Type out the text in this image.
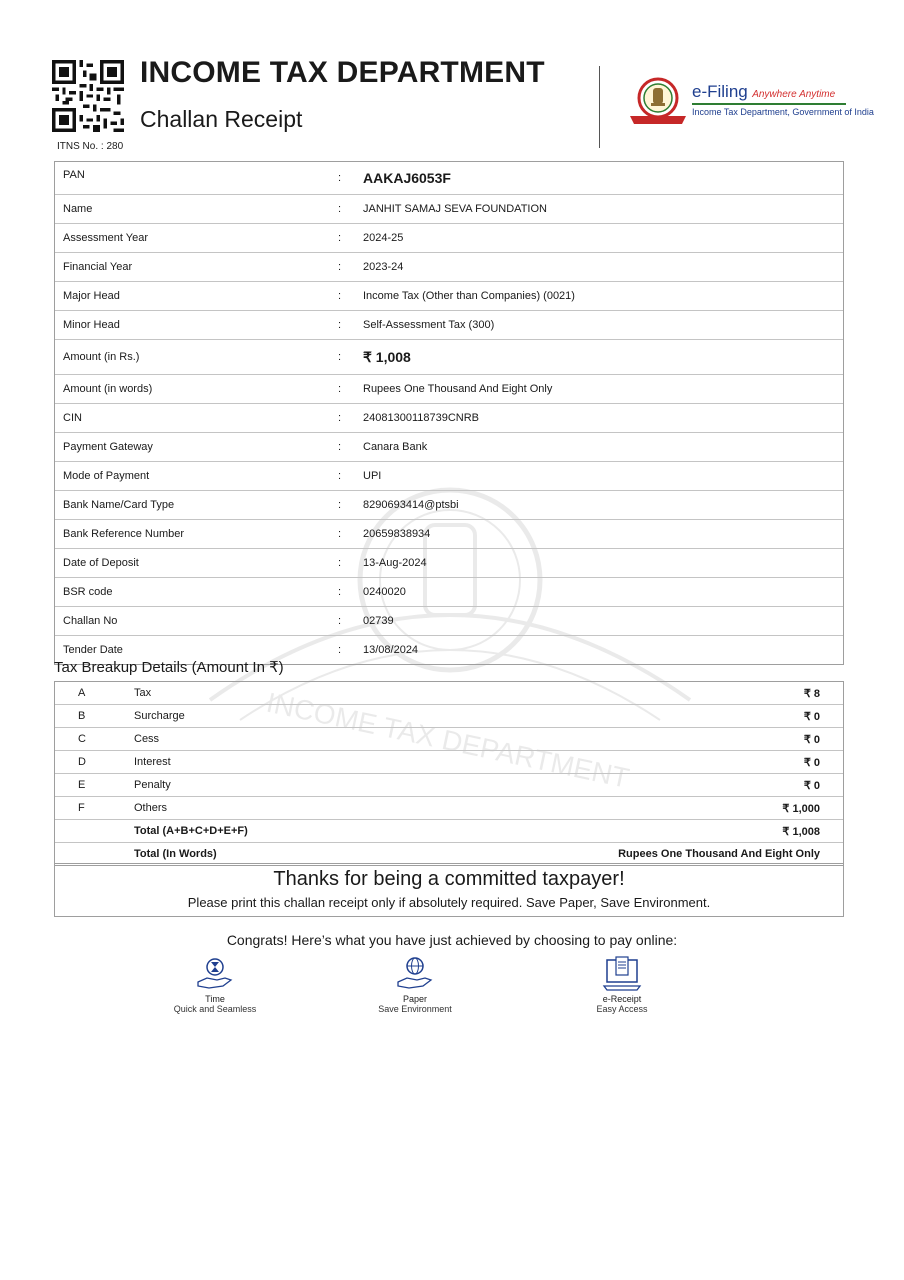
INCOME TAX DEPARTMENT
Challan Receipt
ITNS No. : 280
e-Filing Anywhere Anytime
Income Tax Department, Government of India
INCOME TAX DEPARTMENT
PAN	: AAKAJ6053F
Name	: JANHIT SAMAJ SEVA FOUNDATION
Assessment Year	: 2024-25
Financial Year	: 2023-24
Major Head	: Income Tax (Other than Companies) (0021)
Minor Head	: Self-Assessment Tax (300)
Amount (in Rs.)	: ₹ 1,008
Amount (in words)	: Rupees One Thousand And Eight Only
CIN	: 24081300118739CNRB
Payment Gateway	: Canara Bank
Mode of Payment	: UPI
Bank Name/Card Type	: 8290693414@ptsbi
Bank Reference Number	: 20659838934
Date of Deposit	: 13-Aug-2024
BSR code	: 0240020
Challan No	: 02739
Tender Date	: 13/08/2024
Tax Breakup Details (Amount In ₹)
A	Tax	₹ 8
B	Surcharge	₹ 0
C	Cess	₹ 0
D	Interest	₹ 0
E	Penalty	₹ 0
F	Others	₹ 1,000
Total (A+B+C+D+E+F)	₹ 1,008
Total (In Words)	Rupees One Thousand And Eight Only
Thanks for being a committed taxpayer!
Please print this challan receipt only if absolutely required. Save Paper, Save Environment.
Congrats! Here’s what you have just achieved by choosing to pay online:
Time
Quick and Seamless
Paper
Save Environment
e-Receipt
Easy Access
